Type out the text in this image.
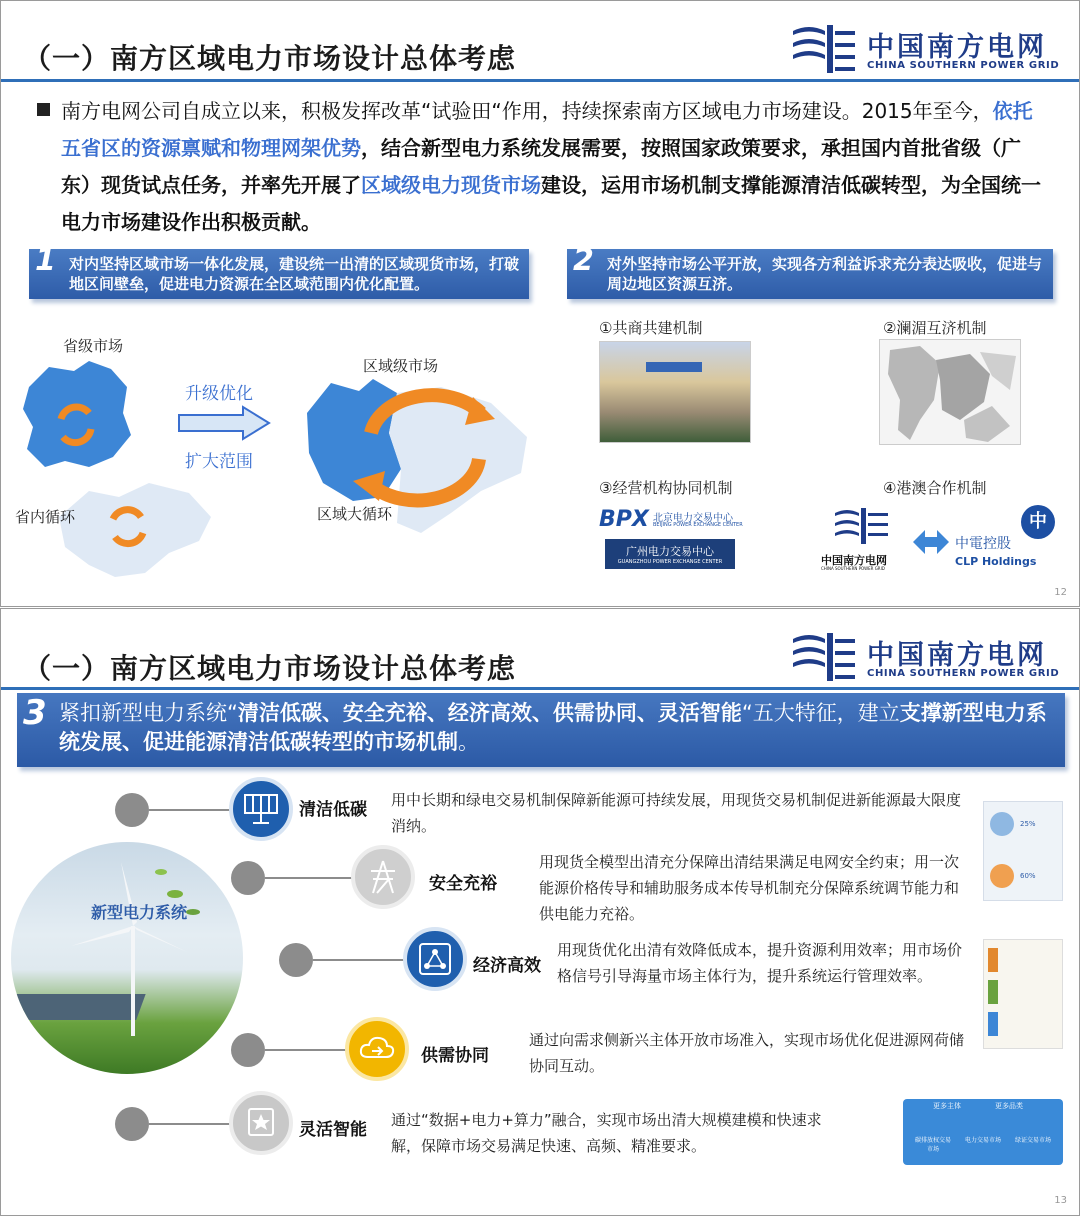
（一）南方区域电力市场设计总体考虑	中国南方电网
CHINA SOUTHERN POWER GRID
南方电网公司自成立以来，积极发挥改革“试验田“作用，持续探索南方区域电力市场建设。2015年至今，依托五省区的资源禀赋和物理网架优势，结合新型电力系统发展需要，按照国家政策要求，承担国内首批省级（广东）现货试点任务，并率先开展了区域级电力现货市场建设，运用市场机制支撑能源清洁低碳转型，为全国统一电力市场建设作出积极贡献。
1 对内坚持区域市场一体化发展，建设统一出清的区域现货市场，打破地区间壁垒，促进电力资源在全区域范围内优化配置。
2 对外坚持市场公平开放，实现各方利益诉求充分表达吸收，促进与周边地区资源互济。
省级市场
省内循环
升级优化
扩大范围
区域级市场
区域大循环
①共商共建机制	②澜湄互济机制
③经营机构协同机制
BPX 北京电力交易中心
BEIJING POWER EXCHANGE CENTER
广州电力交易中心
GUANGZHOU POWER EXCHANGE CENTER
④港澳合作机制
中国南方电网
CHINA SOUTHERN POWER GRID
中
中電控股
CLP Holdings
12
（一）南方区域电力市场设计总体考虑	中国南方电网
CHINA SOUTHERN POWER GRID
3 紧扣新型电力系统“清洁低碳、安全充裕、经济高效、供需协同、灵活智能“五大特征，建立支撑新型电力系统发展、促进能源清洁低碳转型的市场机制。
新型电力系统
清洁低碳 用中长期和绿电交易机制保障新能源可持续发展，用现货交易机制促进新能源最大限度消纳。
安全充裕
用现货全模型出清充分保障出清结果满足电网安全约束；用一次能源价格传导和辅助服务成本传导机制充分保障系统调节能力和供电能力充裕。
经济高效
用现货优化出清有效降低成本，提升资源利用效率；用市场价格信号引导海量市场主体行为，提升系统运行管理效率。
供需协同
通过向需求侧新兴主体开放市场准入，实现市场优化促进源网荷储协同互动。
灵活智能 通过“数据+电力+算力”融合，实现市场出清大规模建模和快速求解，保障市场交易满足快速、高频、精准要求。
25%
60%
更多主体	更多品类
碳排放权交易市场
电力交易市场	绿证交易市场
13
